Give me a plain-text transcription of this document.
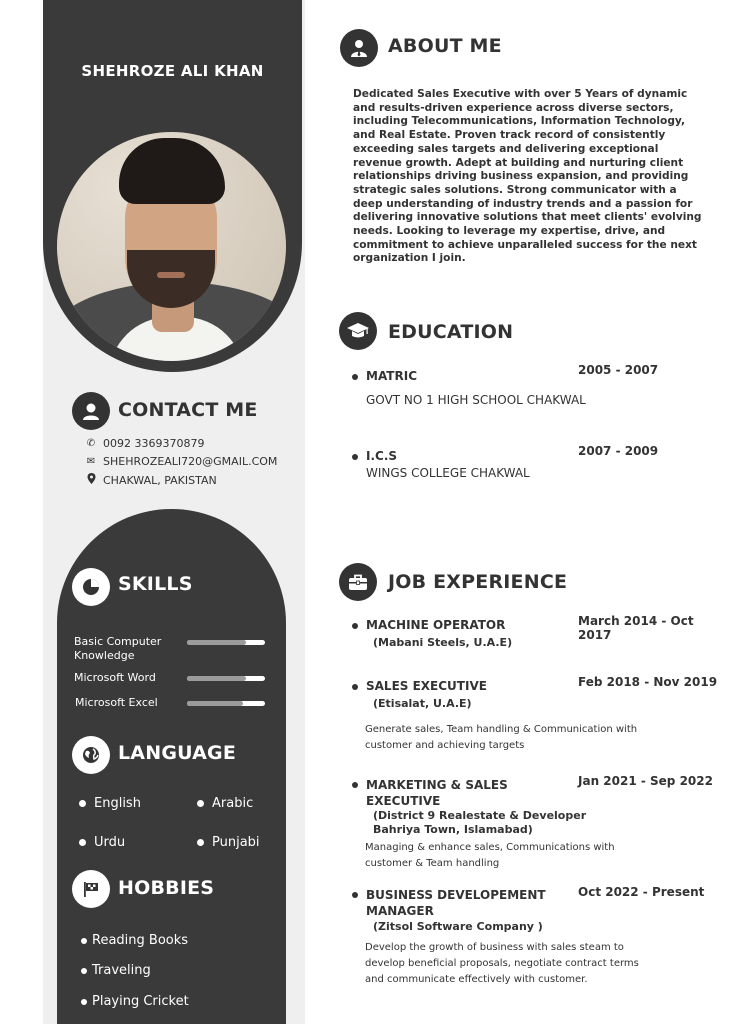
SHEHROZE ALI KHAN
CONTACT ME
✆ 0092 3369370879
✉ SHEHROZEALI720@GMAIL.COM
CHAKWAL, PAKISTAN
SKILLS
Basic Computer
Knowledge
Microsoft Word
Microsoft Excel
LANGUAGE
English	Arabic
Urdu	Punjabi
HOBBIES
Reading Books
Traveling
Playing Cricket
ABOUT ME
Dedicated Sales Executive with over 5 Years of dynamic and results-driven experience across diverse sectors, including Telecommunications, Information Technology, and Real Estate. Proven track record of consistently exceeding sales targets and delivering exceptional revenue growth. Adept at building and nurturing client relationships driving business expansion, and providing strategic sales solutions. Strong communicator with a deep understanding of industry trends and a passion for delivering innovative solutions that meet clients' evolving needs. Looking to leverage my expertise, drive, and commitment to achieve unparalleled success for the next organization I join.
EDUCATION
MATRIC	2005 - 2007
GOVT NO 1 HIGH SCHOOL CHAKWAL
I.C.S	2007 - 2009
WINGS COLLEGE CHAKWAL
JOB EXPERIENCE
MACHINE OPERATOR	March 2014 - Oct 2017
(Mabani Steels, U.A.E)
SALES EXECUTIVE	Feb 2018 - Nov 2019
(Etisalat, U.A.E)
Generate sales, Team handling & Communication with customer and achieving targets
MARKETING & SALES
EXECUTIVE
Jan 2021 - Sep 2022
(District 9 Realestate & Developer
Bahriya Town, Islamabad)
Managing & enhance sales, Communications with customer & Team handling
BUSINESS DEVELOPEMENT
MANAGER
Oct 2022 - Present
(Zitsol Software Company )
Develop the growth of business with sales steam to develop beneficial proposals, negotiate contract terms and communicate effectively with customer.
